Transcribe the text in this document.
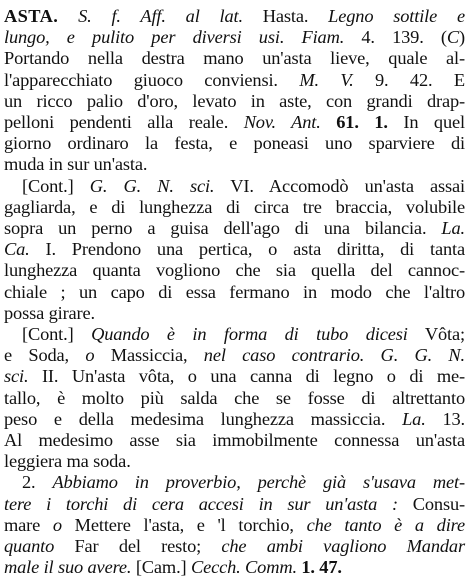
ASTA. S. f. Aff. al lat. Hasta. Legno sottile e
lungo, e pulito per diversi usi. Fiam. 4. 139. (C)
Portando nella destra mano un'asta lieve, quale al-
l'apparecchiato giuoco conviensi. M. V. 9. 42. E
un ricco palio d'oro, levato in aste, con grandi drap-
pelloni pendenti alla reale. Nov. Ant. 61. 1. In quel
giorno ordinaro la festa, e poneasi uno sparviere di
muda in sur un'asta.
[Cont.] G. G. N. sci. VI. Accomodò un'asta assai
gagliarda, e di lunghezza di circa tre braccia, volubile
sopra un perno a guisa dell'ago di una bilancia. La.
Ca. I. Prendono una pertica, o asta diritta, di tanta
lunghezza quanta vogliono che sia quella del cannoc-
chiale ; un capo di essa fermano in modo che l'altro
possa girare.
[Cont.] Quando è in forma di tubo dicesi Vôta;
e Soda, o Massiccia, nel caso contrario. G. G. N.
sci. II. Un'asta vôta, o una canna di legno o di me-
tallo, è molto più salda che se fosse di altrettanto
peso e della medesima lunghezza massiccia. La. 13.
Al medesimo asse sia immobilmente connessa un'asta
leggiera ma soda.
2. Abbiamo in proverbio, perchè già s'usava met-
tere i torchi di cera accesi in sur un'asta : Consu-
mare o Mettere l'asta, e 'l torchio, che tanto è a dire
quanto Far del resto; che ambi vagliono Mandar
male il suo avere. [Cam.] Cecch. Comm. 1. 47.
